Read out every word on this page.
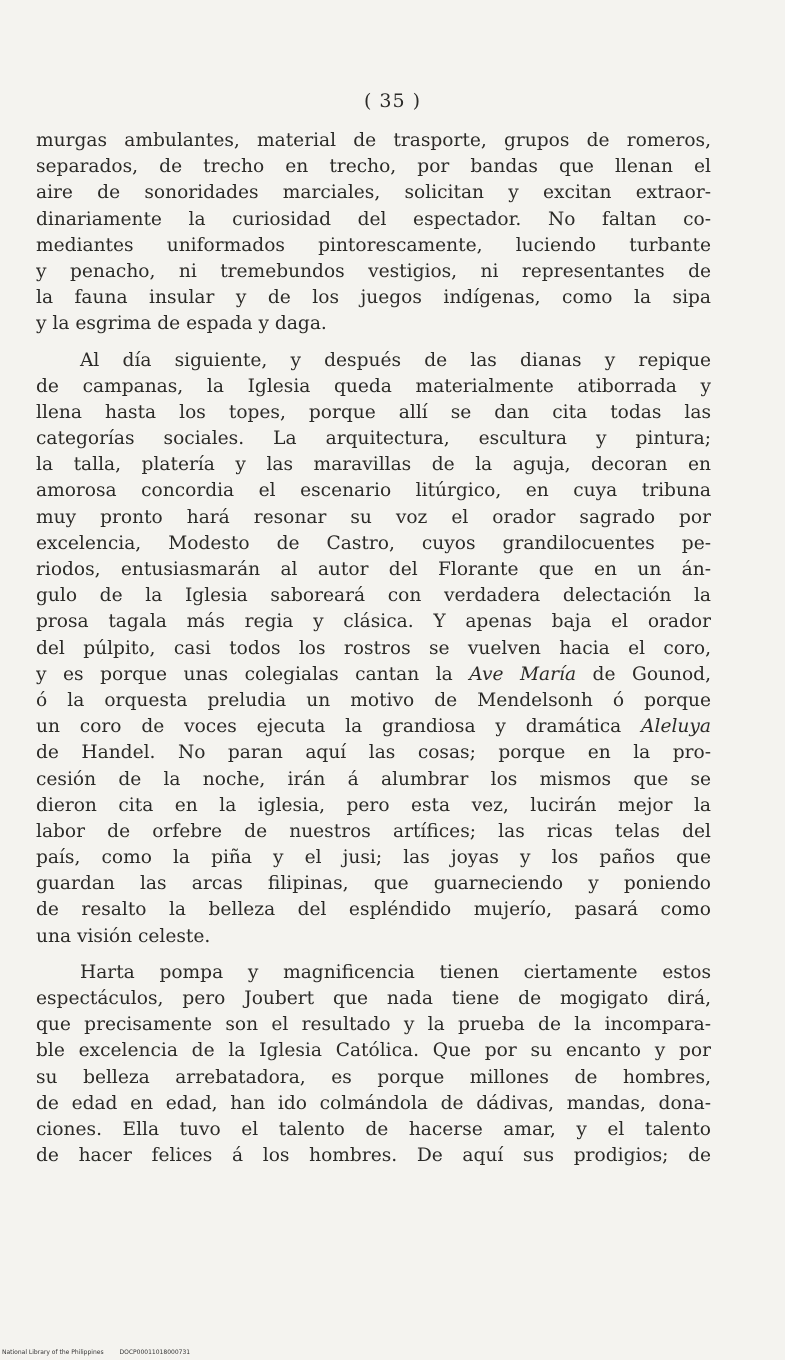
( 35 )
murgas ambulantes, material de trasporte, grupos de romeros,
separados, de trecho en trecho, por bandas que llenan el
aire de sonoridades marciales, solicitan y excitan extraor-
dinariamente la curiosidad del espectador. No faltan co-
mediantes uniformados pintorescamente, luciendo turbante
y penacho, ni tremebundos vestigios, ni representantes de
la fauna insular y de los juegos indígenas, como la sipa
y la esgrima de espada y daga.
Al día siguiente, y después de las dianas y repique
de campanas, la Iglesia queda materialmente atiborrada y
llena hasta los topes, porque allí se dan cita todas las
categorías sociales. La arquitectura, escultura y pintura;
la talla, platería y las maravillas de la aguja, decoran en
amorosa concordia el escenario litúrgico, en cuya tribuna
muy pronto hará resonar su voz el orador sagrado por
excelencia, Modesto de Castro, cuyos grandilocuentes pe-
riodos, entusiasmarán al autor del Florante que en un án-
gulo de la Iglesia saboreará con verdadera delectación la
prosa tagala más regia y clásica. Y apenas baja el orador
del púlpito, casi todos los rostros se vuelven hacia el coro,
y es porque unas colegialas cantan la Ave María de Gounod,
ó la orquesta preludia un motivo de Mendelsonh ó porque
un coro de voces ejecuta la grandiosa y dramática Aleluya
de Handel. No paran aquí las cosas; porque en la pro-
cesión de la noche, irán á alumbrar los mismos que se
dieron cita en la iglesia, pero esta vez, lucirán mejor la
labor de orfebre de nuestros artífices; las ricas telas del
país, como la piña y el jusi; las joyas y los paños que
guardan las arcas filipinas, que guarneciendo y poniendo
de resalto la belleza del espléndido mujerío, pasará como
una visión celeste.
Harta pompa y magnificencia tienen ciertamente estos
espectáculos, pero Joubert que nada tiene de mogigato dirá,
que precisamente son el resultado y la prueba de la incompara-
ble excelencia de la Iglesia Católica. Que por su encanto y por
su belleza arrebatadora, es porque millones de hombres,
de edad en edad, han ido colmándola de dádivas, mandas, dona-
ciones. Ella tuvo el talento de hacerse amar, y el talento
de hacer felices á los hombres. De aquí sus prodigios; de
National Library of the Philippines	DOCP00011018000731
